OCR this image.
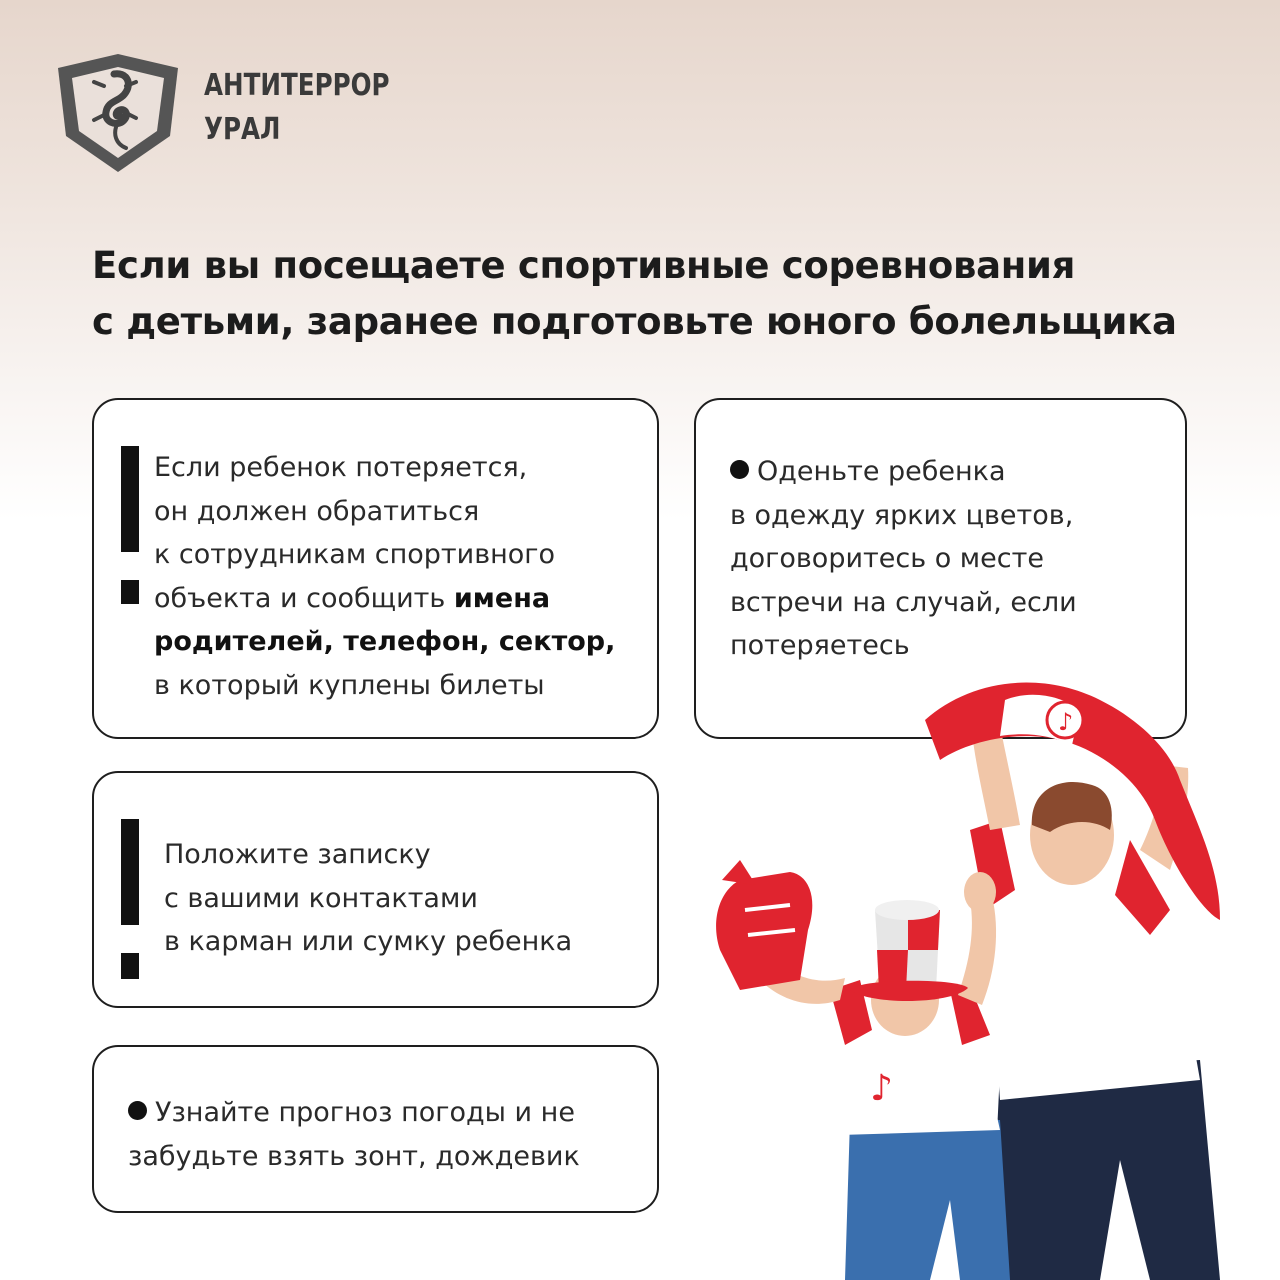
АНТИТЕРРОР
УРАЛ
Если вы посещаете спортивные соревнования
с детьми, заранее подготовьте юного болельщика
Если ребенок потеряется,
он должен обратиться
к сотрудникам спортивного
объекта и сообщить имена
родителей, телефон, сектор,
в который куплены билеты
Оденьте ребенка
в одежду ярких цветов,
договоритесь о месте
встречи на случай, если
потеряетесь
Положите записку
с вашими контактами
в карман или сумку ребенка
Узнайте прогноз погоды и не
забудьте взять зонт, дождевик
♪
♪
